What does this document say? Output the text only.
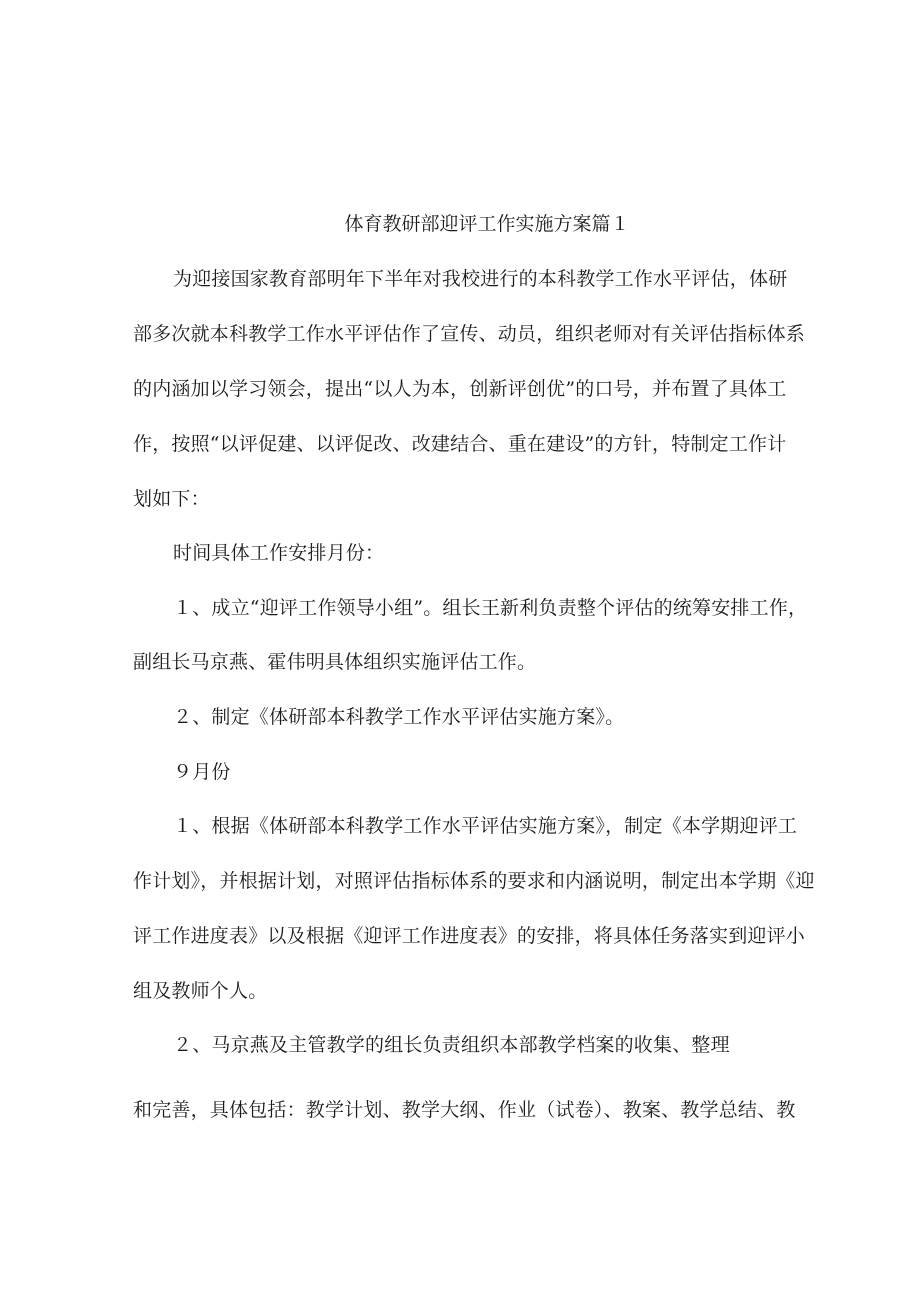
体育教研部迎评工作实施方案篇１
为迎接国家教育部明年下半年对我校进行的本科教学工作水平评估，体研
部多次就本科教学工作水平评估作了宣传、动员，组织老师对有关评估指标体系
的内涵加以学习领会，提出“以人为本，创新评创优”的口号，并布置了具体工
作，按照“以评促建、以评促改、改建结合、重在建设”的方针，特制定工作计
划如下：
时间具体工作安排月份：
１、成立“迎评工作领导小组”。组长王新利负责整个评估的统筹安排工作，
副组长马京燕、霍伟明具体组织实施评估工作。
２、制定《体研部本科教学工作水平评估实施方案》。
９月份
１、根据《体研部本科教学工作水平评估实施方案》，制定《本学期迎评工
作计划》，并根据计划，对照评估指标体系的要求和内涵说明，制定出本学期《迎
评工作进度表》以及根据《迎评工作进度表》的安排，将具体任务落实到迎评小
组及教师个人。
２、马京燕及主管教学的组长负责组织本部教学档案的收集、整理
和完善，具体包括：教学计划、教学大纲、作业（试卷）、教案、教学总结、教
